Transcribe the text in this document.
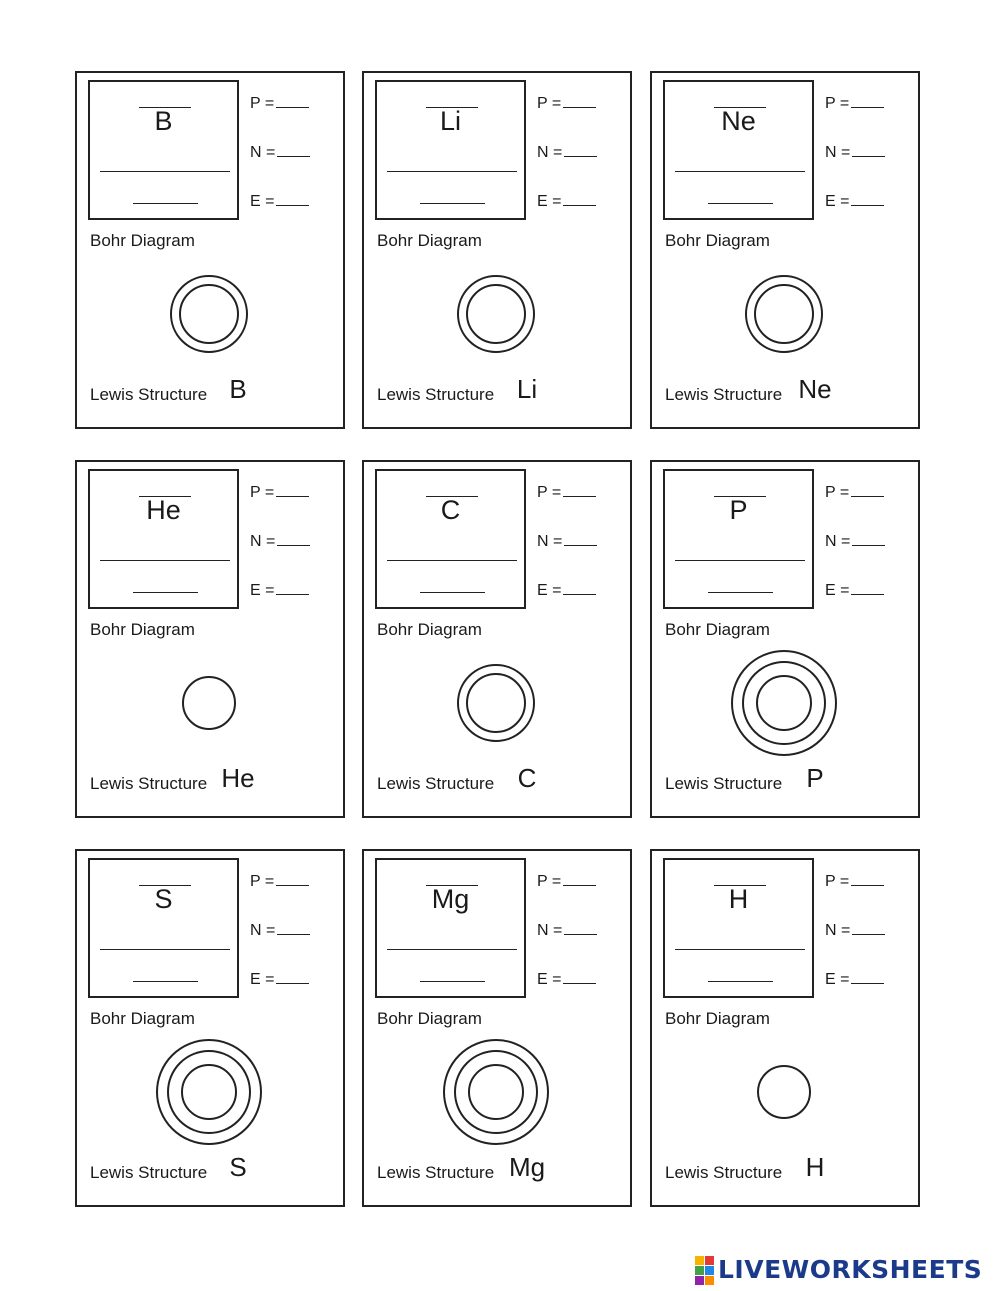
B
P =
N =
E =
Bohr Diagram
Lewis Structure B
Li
P =
N =
E =
Bohr Diagram
Lewis Structure Li
Ne
P =
N =
E =
Bohr Diagram
Lewis Structure Ne
He
P =
N =
E =
Bohr Diagram
Lewis Structure He
C
P =
N =
E =
Bohr Diagram
Lewis Structure C
P
P =
N =
E =
Bohr Diagram
Lewis Structure P
S
P =
N =
E =
Bohr Diagram
Lewis Structure S
Mg
P =
N =
E =
Bohr Diagram
Lewis Structure Mg
H
P =
N =
E =
Bohr Diagram
Lewis Structure H
LIVEWORKSHEETS
